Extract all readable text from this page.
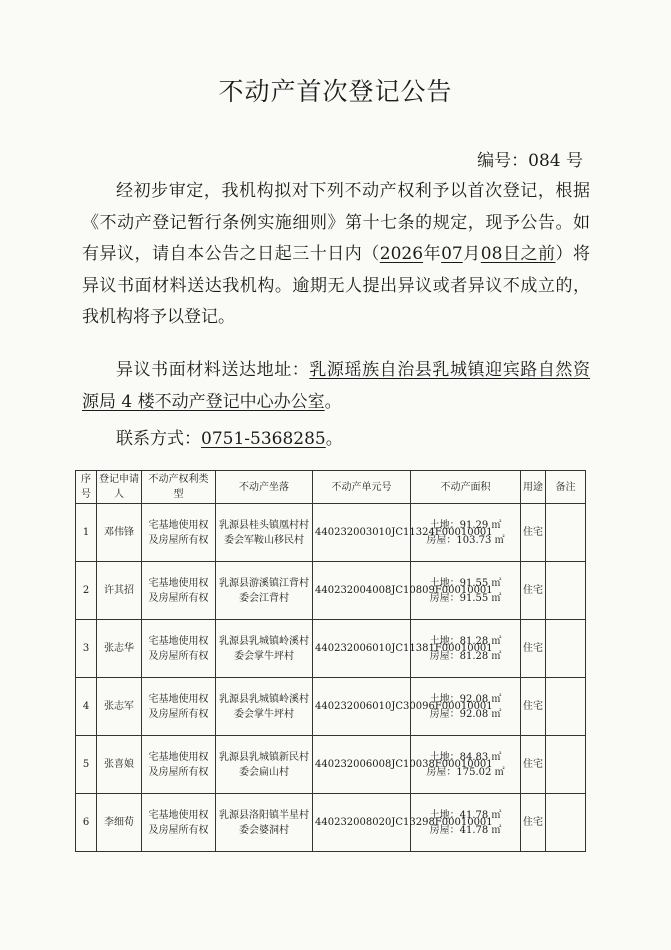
不动产首次登记公告
编号：084 号
经初步审定，我机构拟对下列不动产权利予以首次登记，根据《不动产登记暂行条例实施细则》第十七条的规定，现予公告。如有异议，请自本公告之日起三十日内（2026年07月08日之前）将异议书面材料送达我机构。逾期无人提出异议或者异议不成立的，我机构将予以登记。
异议书面材料送达地址：乳源瑶族自治县乳城镇迎宾路自然资源局 4 楼不动产登记中心办公室。
联系方式：0751-5368285。
序号	登记申请人	不动产权利类型	不动产坐落	不动产单元号	不动产面积	用途	备注
1	邓伟锋	宅基地使用权及房屋所有权	乳源县桂头镇凰村村委会军鞍山移民村	440232003010JC11324F00010001	土地：91.29 ㎡
房屋：103.73 ㎡	住宅	
2	许其招	宅基地使用权及房屋所有权	乳源县游溪镇江背村委会江背村	440232004008JC10809F00010001	土地：91.55 ㎡
房屋：91.55 ㎡	住宅	
3	张志华	宅基地使用权及房屋所有权	乳源县乳城镇岭溪村委会掌牛坪村	440232006010JC11381F00010001	土地：81.28 ㎡
房屋：81.28 ㎡	住宅	
4	张志军	宅基地使用权及房屋所有权	乳源县乳城镇岭溪村委会掌牛坪村	440232006010JC30096F00010001	土地：92.08 ㎡
房屋：92.08 ㎡	住宅	
5	张喜娘	宅基地使用权及房屋所有权	乳源县乳城镇新民村委会扁山村	440232006008JC10038F00010001	土地：84.83 ㎡
房屋：175.02 ㎡	住宅	
6	李细荀	宅基地使用权及房屋所有权	乳源县洛阳镇半星村委会婆洞村	440232008020JC13298F00010001	土地：41.78 ㎡
房屋：41.78 ㎡	住宅	
